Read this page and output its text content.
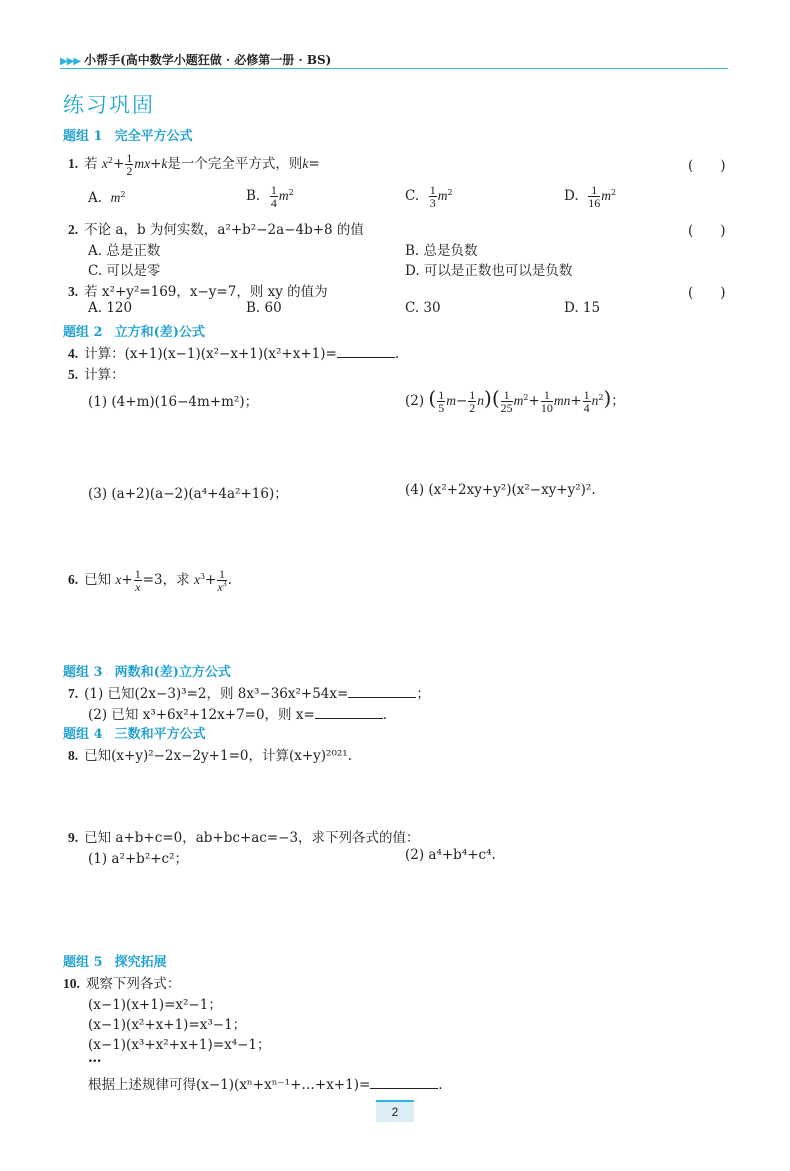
▶▶▶ 小帮手(高中数学小题狂做 · 必修第一册 · BS)
练习巩固
题组 1 完全平方公式
1. 若 $x^2+ \frac{1}{2} mx+k$是一个完全平方式，则k=	(　　)
A. $m^2$	B. $\frac{1}{4} m^2$	C. $\frac{1}{3} m^2$	D. $\frac{1}{16} m^2$
2. 不论 a，b 为何实数，a²+b²−2a−4b+8 的值	(　　)
A. 总是正数	B. 总是负数
C. 可以是零	D. 可以是正数也可以是负数
3. 若 x²+y²=169，x−y=7，则 xy 的值为	(　　)
A. 120	B. 60	C. 30	D. 15
题组 2 立方和(差)公式
4. 计算：(x+1)(x−1)(x²−x+1)(x²+x+1)=	.
5. 计算：
(1) (4+m)(16−4m+m²)；	(2) ( $\frac{1}{5} m- \frac{1}{2} n)( \frac{1}{25} m^2+ \frac{1}{10} mn+ \frac{1}{4} n^2)$；
(3) (a+2)(a−2)(a⁴+4a²+16)；	(4) (x²+2xy+y²)(x²−xy+y²)².
6. 已知 $x+ \frac{1}{x} =3$，求 $x^3+ \frac{1}{x^3}$ .
题组 3 两数和(差)立方公式
7. (1) 已知(2x−3)³=2，则 8x³−36x²+54x=	；
(2) 已知 x³+6x²+12x+7=0，则 x=	.
题组 4 三数和平方公式
8. 已知(x+y)²−2x−2y+1=0，计算(x+y)²⁰²¹.
9. 已知 a+b+c=0，ab+bc+ac=−3，求下列各式的值：
(1) a²+b²+c²；	(2) a⁴+b⁴+c⁴.
题组 5 探究拓展
10. 观察下列各式：
(x−1)(x+1)=x²−1；
(x−1)(x²+x+1)=x³−1；
(x−1)(x³+x²+x+1)=x⁴−1；
…
根据上述规律可得(x−1)(xⁿ+xⁿ⁻¹+…+x+1)=	.
2
